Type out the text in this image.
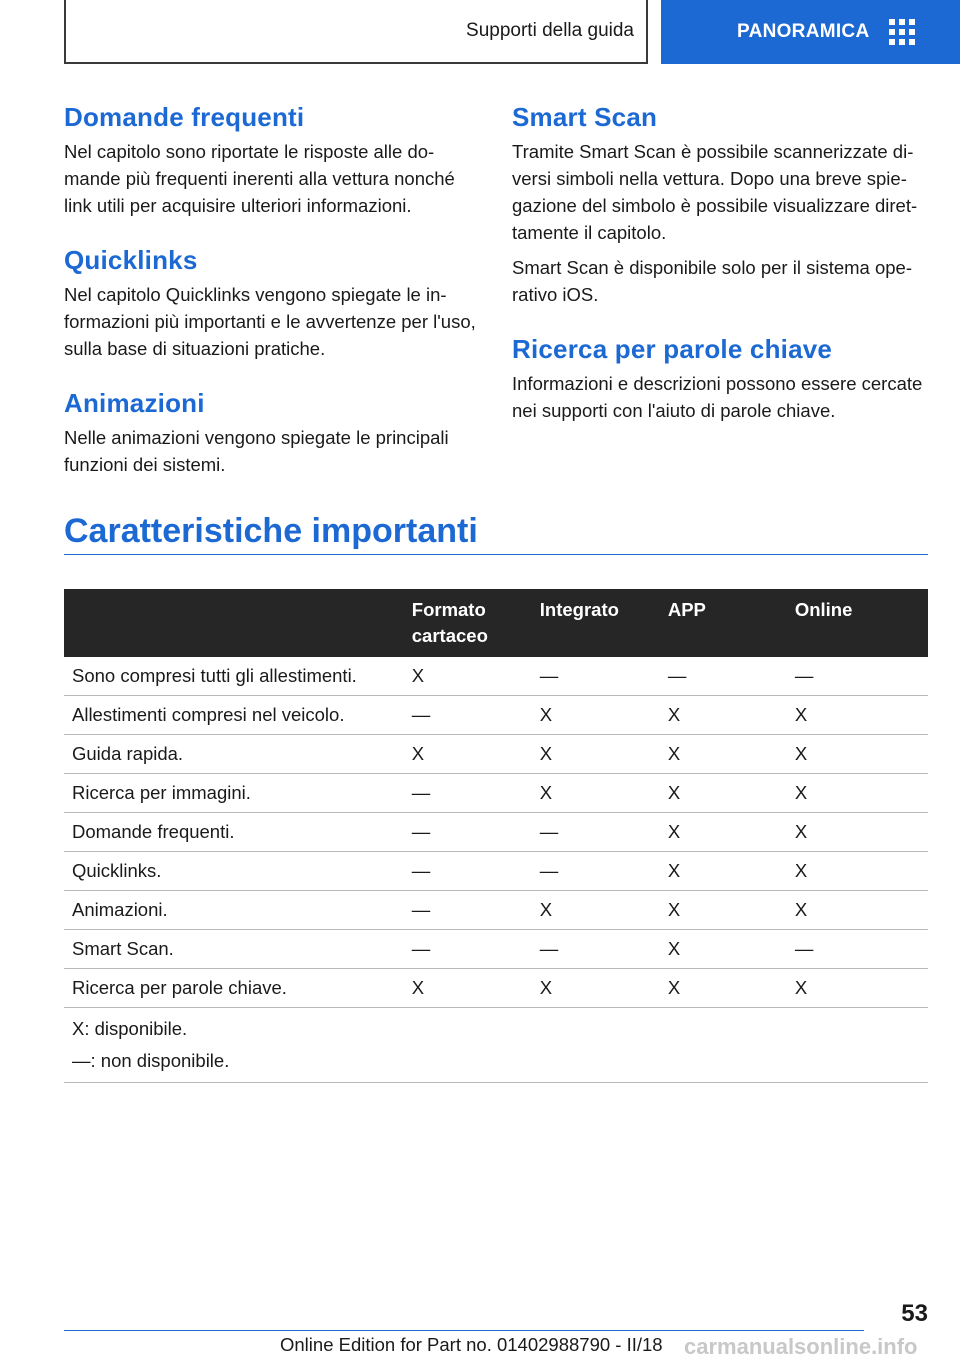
Supporti della guida	PANORAMICA
Domande frequenti

Nel capitolo sono riportate le risposte alle domande più frequenti inerenti alla vettura nonché link utili per acquisire ulteriori informazioni.

Quicklinks

Nel capitolo Quicklinks vengono spiegate le informazioni più importanti e le avvertenze per l'uso, sulla base di situazioni pratiche.

Animazioni

Nelle animazioni vengono spiegate le principali funzioni dei sistemi.

Smart Scan

Tramite Smart Scan è possibile scannerizzate diversi simboli nella vettura. Dopo una breve spiegazione del simbolo è possibile visualizzare direttamente il capitolo.

Smart Scan è disponibile solo per il sistema operativo iOS.

Ricerca per parole chiave

Informazioni e descrizioni possono essere cercate nei supporti con l'aiuto di parole chiave.

Caratteristiche importanti
	Formato cartaceo	Integrato	APP	Online
Sono compresi tutti gli allestimenti.	X	—	—	—
Allestimenti compresi nel veicolo.	—	X	X	X
Guida rapida.	X	X	X	X
Ricerca per immagini.	—	X	X	X
Domande frequenti.	—	—	X	X
Quicklinks.	—	—	X	X
Animazioni.	—	X	X	X
Smart Scan.	—	—	X	—
Ricerca per parole chiave.	X	X	X	X

X: disponibile.
—: non disponibile.				
53
Online Edition for Part no. 01402988790 - II/18 carmanualsonline.info
